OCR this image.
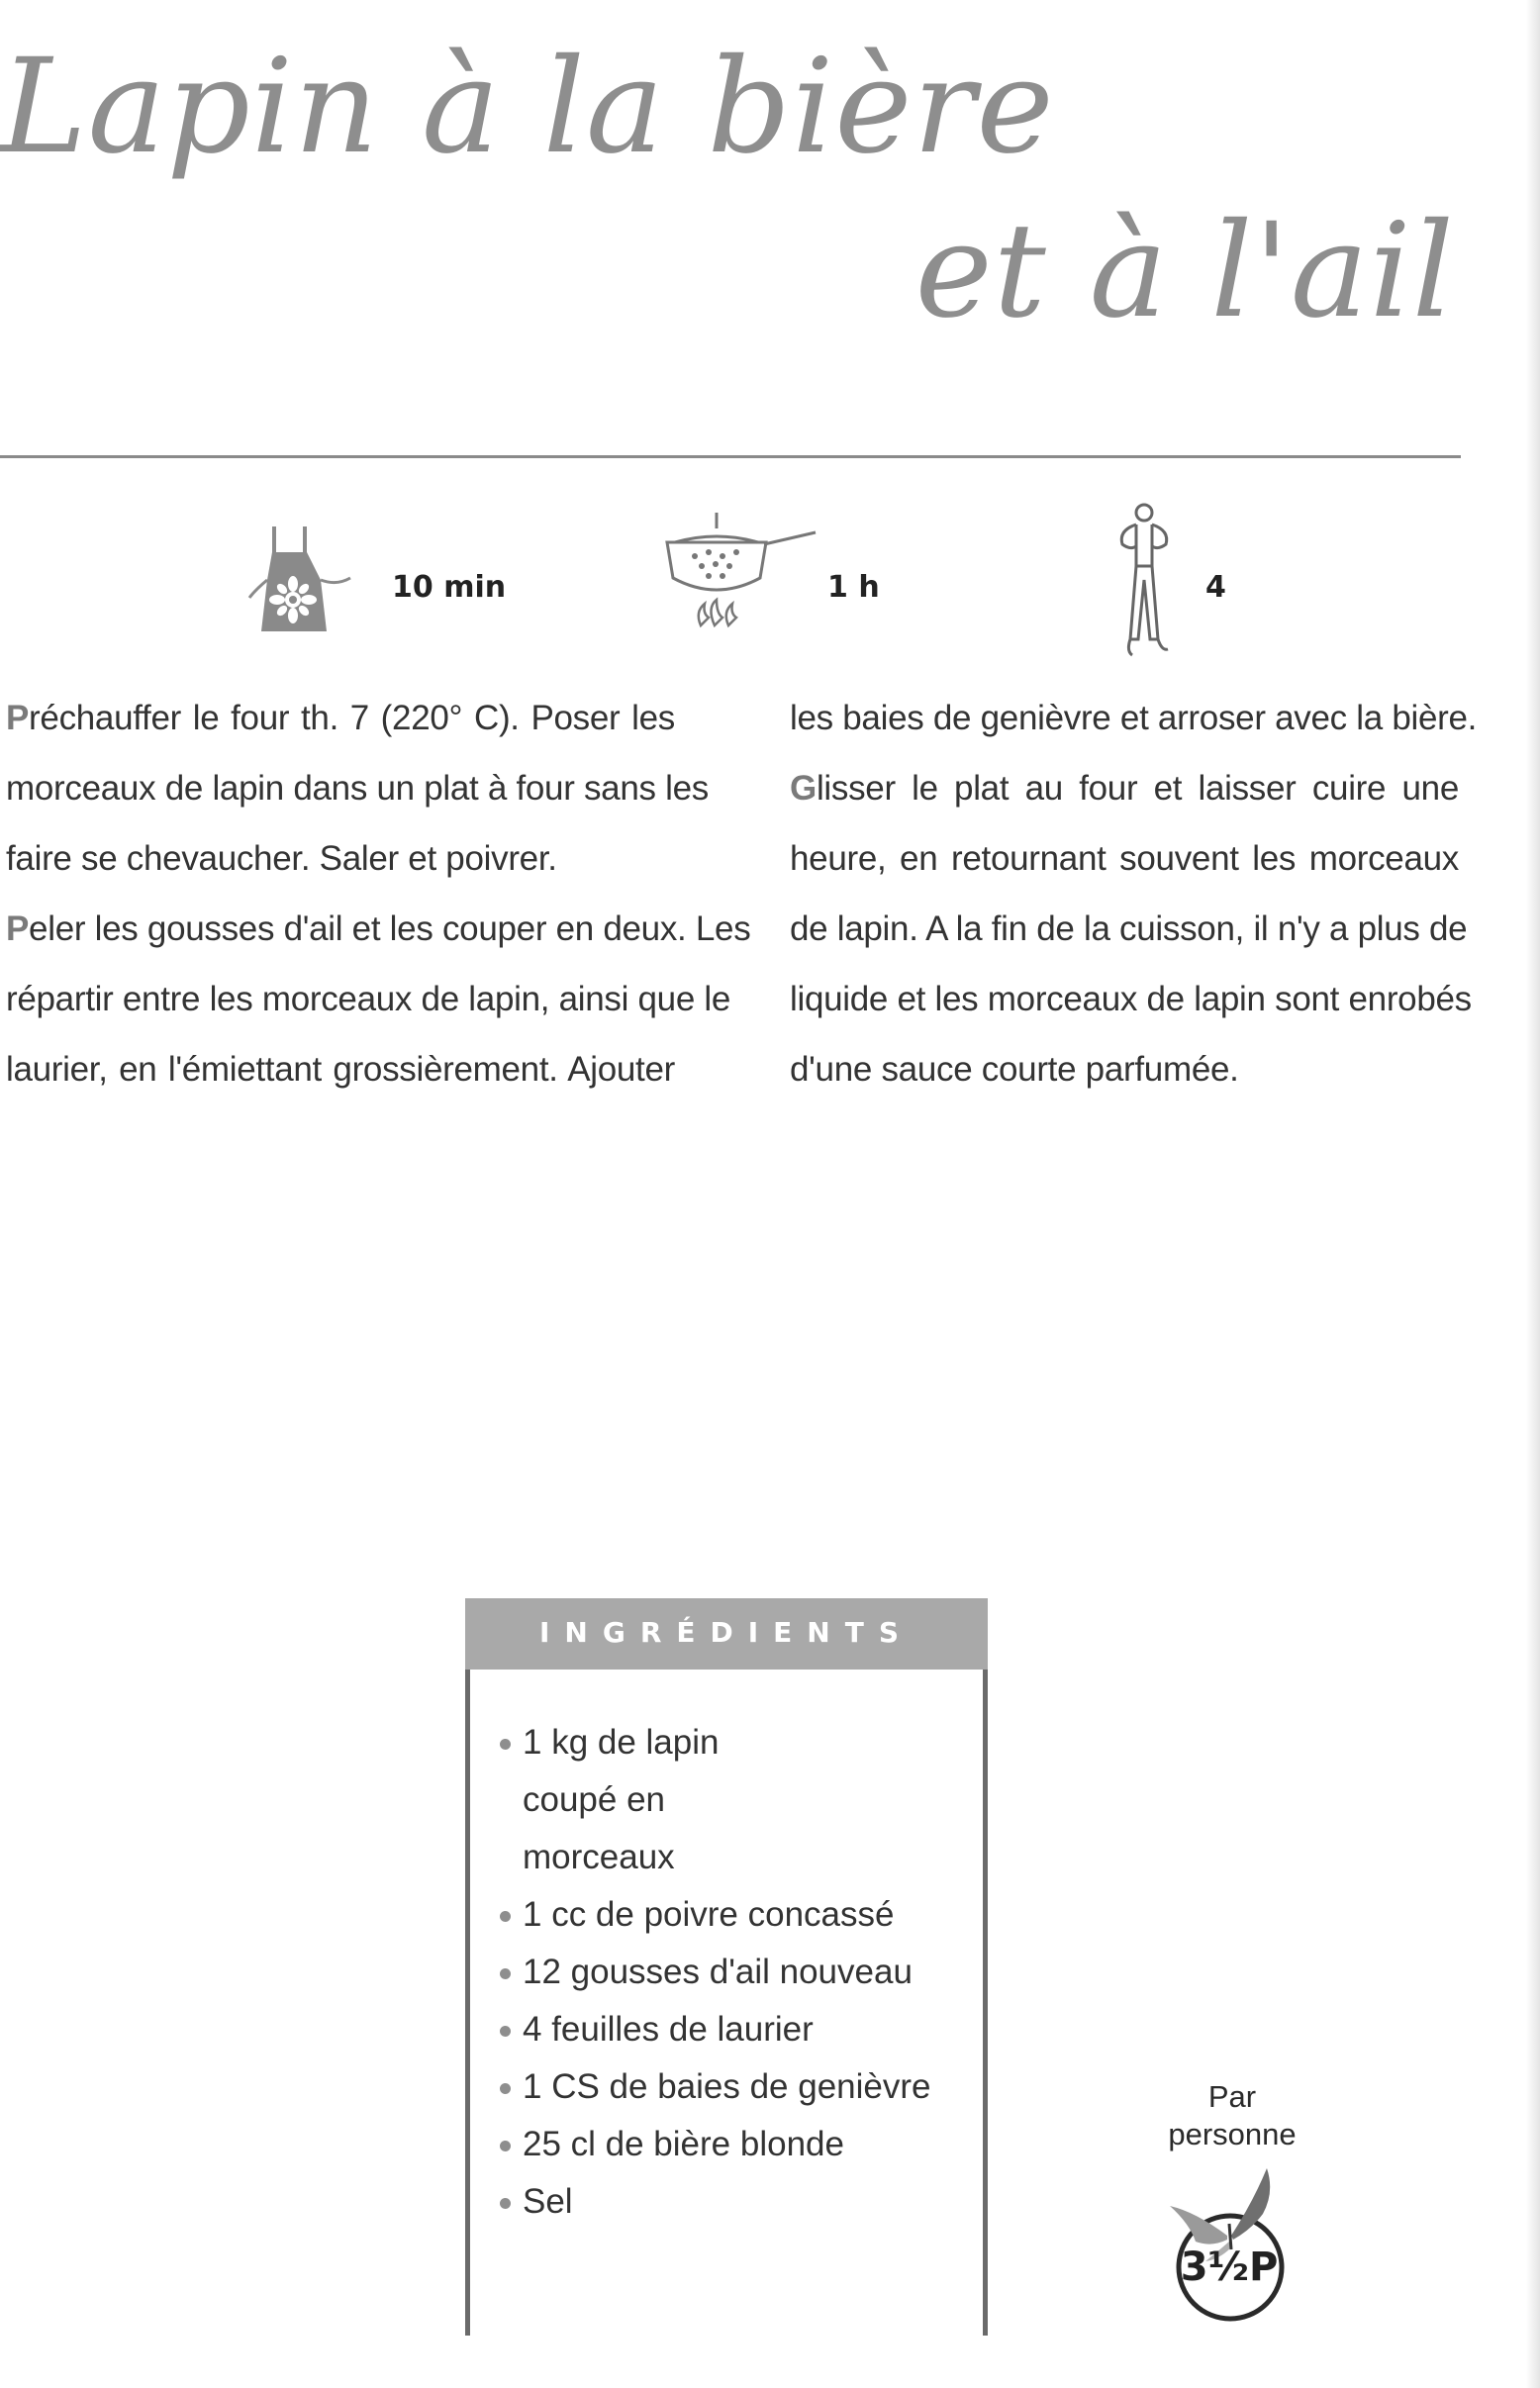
Lapin à la bière
et à l'ail
10 min	1 h	4
Préchauffer le four th. 7 (220° C). Poser les
morceaux de lapin dans un plat à four sans les
faire se chevaucher. Saler et poivrer.
Peler les gousses d'ail et les couper en deux. Les
répartir entre les morceaux de lapin, ainsi que le
laurier, en l'émiettant grossièrement. Ajouter
les baies de genièvre et arroser avec la bière.
Glisser le plat au four et laisser cuire une
heure, en retournant souvent les morceaux
de lapin. A la fin de la cuisson, il n'y a plus de
liquide et les morceaux de lapin sont enrobés
d'une sauce courte parfumée.
INGRÉDIENTS
1 kg de lapin coupé en morceaux
1 cc de poivre concassé
12 gousses d'ail nouveau
4 feuilles de laurier
1 CS de baies de genièvre
25 cl de bière blonde
Sel
Par
personne
3½P
